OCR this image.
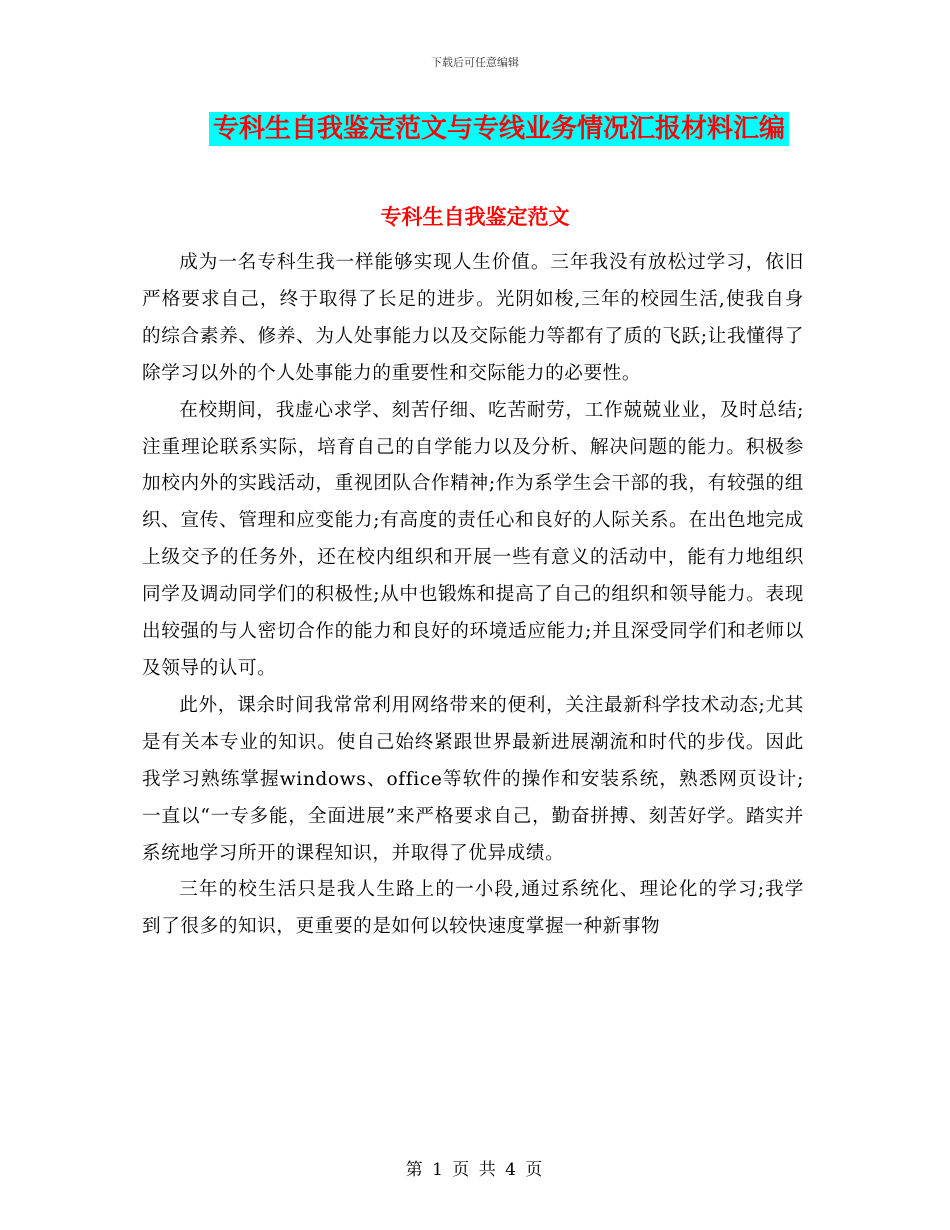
下载后可任意编辑
专科生自我鉴定范文与专线业务情况汇报材料汇编
专科生自我鉴定范文

成为一名专科生我一样能够实现人生价值。三年我没有放松过学习，依旧严格要求自己，终于取得了长足的进步。光阴如梭,三年的校园生活,使我自身的综合素养、修养、为人处事能力以及交际能力等都有了质的飞跃;让我懂得了除学习以外的个人处事能力的重要性和交际能力的必要性。

在校期间，我虚心求学、刻苦仔细、吃苦耐劳，工作兢兢业业，及时总结;注重理论联系实际，培育自己的自学能力以及分析、解决问题的能力。积极参加校内外的实践活动，重视团队合作精神;作为系学生会干部的我，有较强的组织、宣传、管理和应变能力;有高度的责任心和良好的人际关系。在出色地完成上级交予的任务外，还在校内组织和开展一些有意义的活动中，能有力地组织同学及调动同学们的积极性;从中也锻炼和提高了自己的组织和领导能力。表现出较强的与人密切合作的能力和良好的环境适应能力;并且深受同学们和老师以及领导的认可。

此外，课余时间我常常利用网络带来的便利，关注最新科学技术动态;尤其是有关本专业的知识。使自己始终紧跟世界最新进展潮流和时代的步伐。因此我学习熟练掌握windows、office等软件的操作和安装系统，熟悉网页设计;一直以“一专多能，全面进展”来严格要求自己，勤奋拼搏、刻苦好学。踏实并系统地学习所开的课程知识，并取得了优异成绩。

三年的校生活只是我人生路上的一小段,通过系统化、理论化的学习;我学到了很多的知识，更重要的是如何以较快速度掌握一种新事物

第 1 页 共 4 页
